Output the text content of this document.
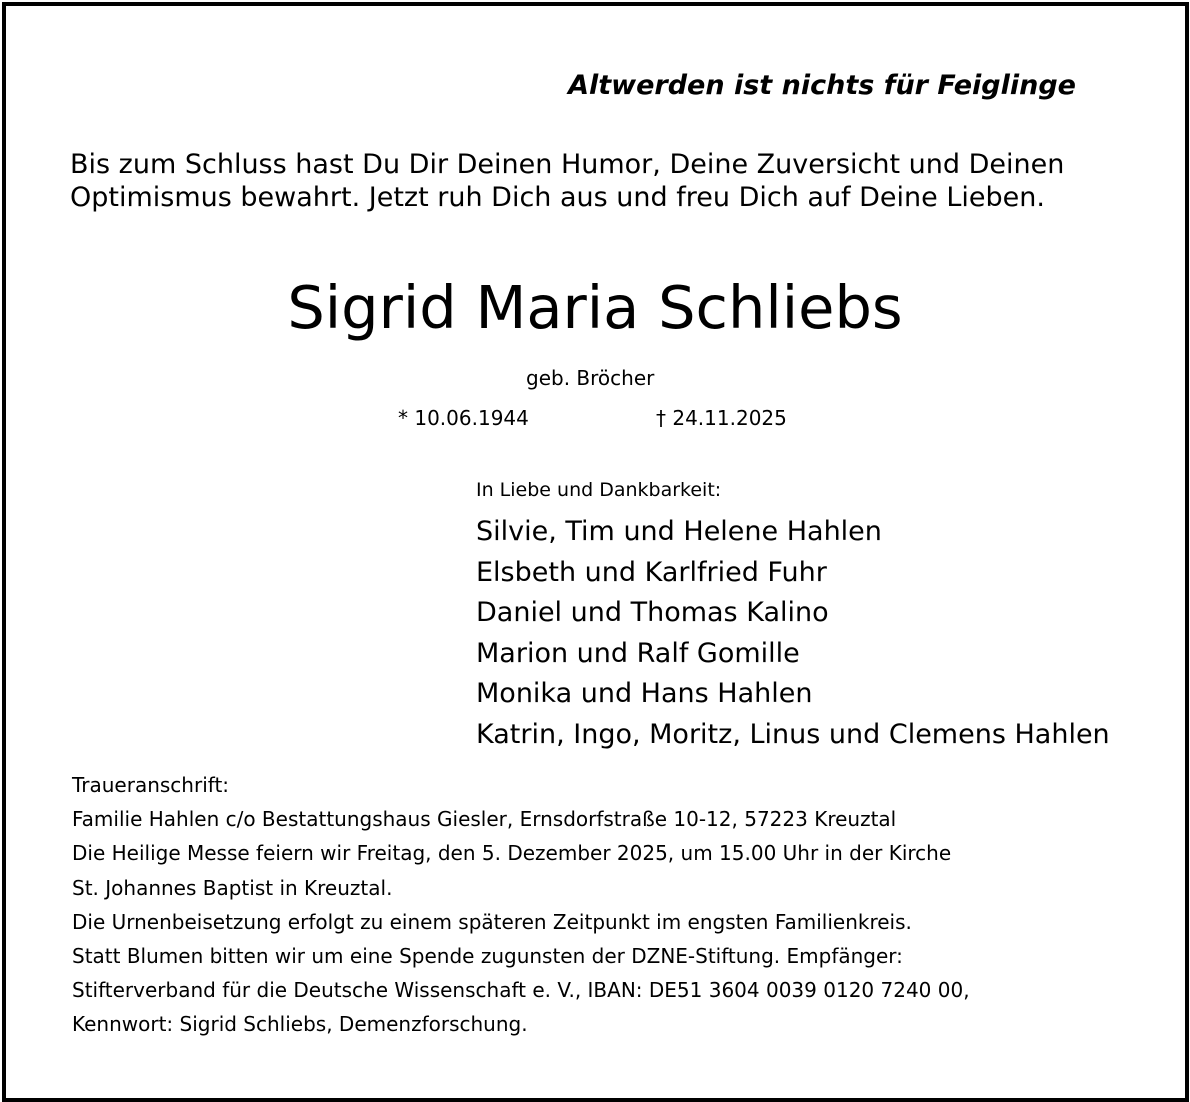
Altwerden ist nichts für Feiglinge
Bis zum Schluss hast Du Dir Deinen Humor, Deine Zuversicht und Deinen
Optimismus bewahrt. Jetzt ruh Dich aus und freu Dich auf Deine Lieben.
Sigrid Maria Schliebs
geb. Bröcher
* 10.06.1944	† 24.11.2025
In Liebe und Dankbarkeit:
Silvie, Tim und Helene Hahlen
Elsbeth und Karlfried Fuhr
Daniel und Thomas Kalino
Marion und Ralf Gomille
Monika und Hans Hahlen
Katrin, Ingo, Moritz, Linus und Clemens Hahlen
Traueranschrift:
Familie Hahlen c/o Bestattungshaus Giesler, Ernsdorfstraße 10-12, 57223 Kreuztal
Die Heilige Messe feiern wir Freitag, den 5. Dezember 2025, um 15.00 Uhr in der Kirche
St. Johannes Baptist in Kreuztal.
Die Urnenbeisetzung erfolgt zu einem späteren Zeitpunkt im engsten Familienkreis.
Statt Blumen bitten wir um eine Spende zugunsten der DZNE-Stiftung. Empfänger:
Stifterverband für die Deutsche Wissenschaft e. V., IBAN: DE51 3604 0039 0120 7240 00,
Kennwort: Sigrid Schliebs, Demenzforschung.
